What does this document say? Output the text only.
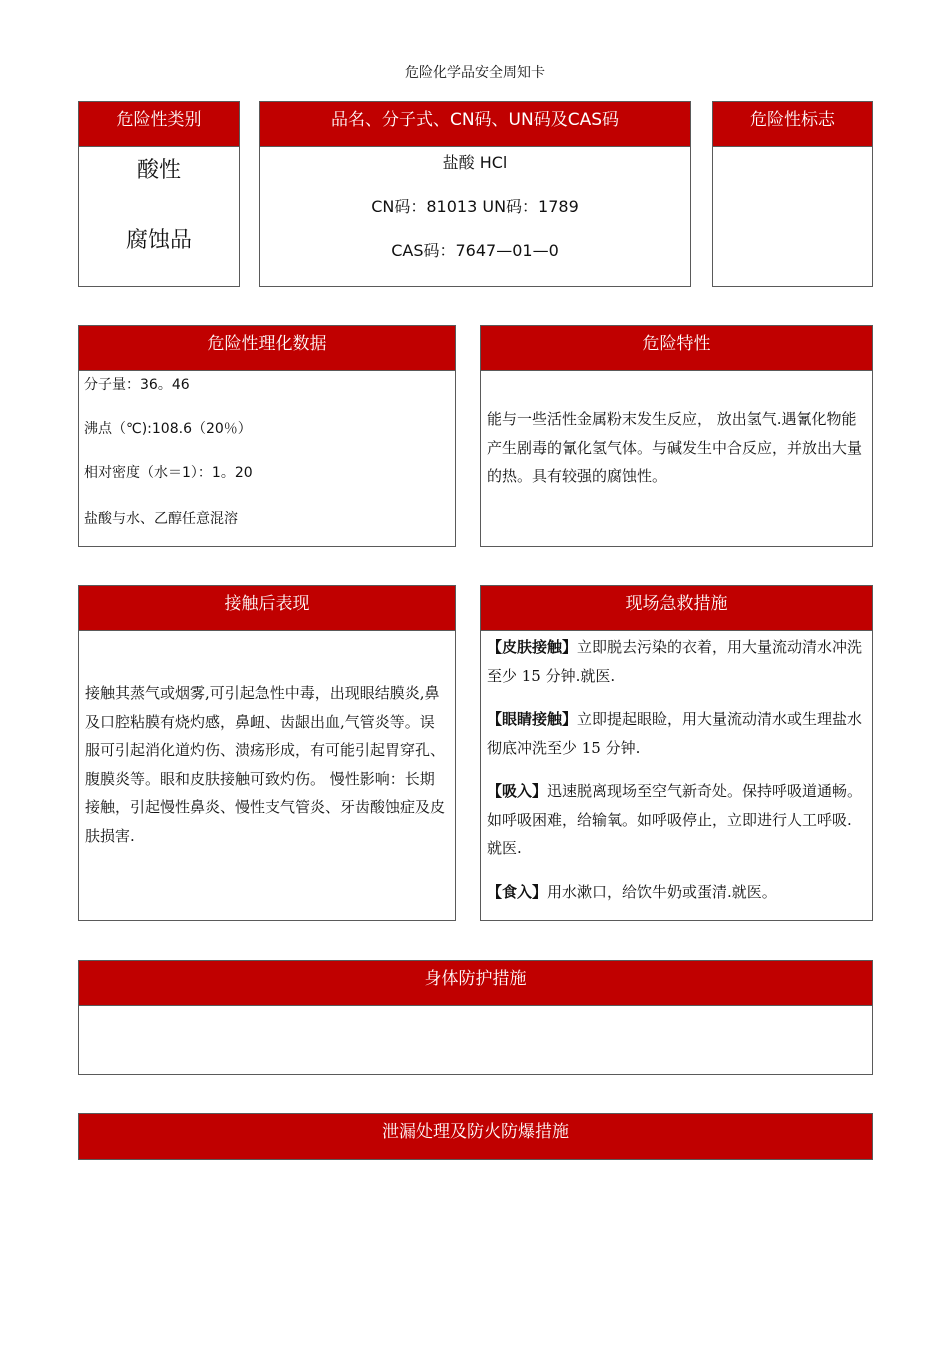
危险化学品安全周知卡
危险性类别
酸性
腐蚀品
品名、分子式、CN码、UN码及CAS码
盐酸 HCl
CN码：81013 UN码：1789
CAS码：7647—01—0
危险性标志
危险性理化数据
分子量：36。46
沸点（℃):108.6（20％）
相对密度（水＝1）：1。20
盐酸与水、乙醇任意混溶
危险特性

能与一些活性金属粉末发生反应， 放出氢气.遇氰化物能产生剧毒的氰化氢气体。与碱发生中合反应，并放出大量的热。具有较强的腐蚀性。

接触后表现

接触其蒸气或烟雾,可引起急性中毒，出现眼结膜炎,鼻及口腔粘膜有烧灼感，鼻衄、齿龈出血,气管炎等。误服可引起消化道灼伤、溃疡形成，有可能引起胃穿孔、腹膜炎等。眼和皮肤接触可致灼伤。 慢性影响：长期接触，引起慢性鼻炎、慢性支气管炎、牙齿酸蚀症及皮肤损害.

现场急救措施

【皮肤接触】立即脱去污染的衣着，用大量流动清水冲洗至少 15 分钟.就医.

【眼睛接触】立即提起眼睑，用大量流动清水或生理盐水彻底冲洗至少 15 分钟.

【吸入】迅速脱离现场至空气新奇处。保持呼吸道通畅。如呼吸困难，给输氧。如呼吸停止，立即进行人工呼吸.就医.

【食入】用水漱口，给饮牛奶或蛋清.就医。

身体防护措施
泄漏处理及防火防爆措施
